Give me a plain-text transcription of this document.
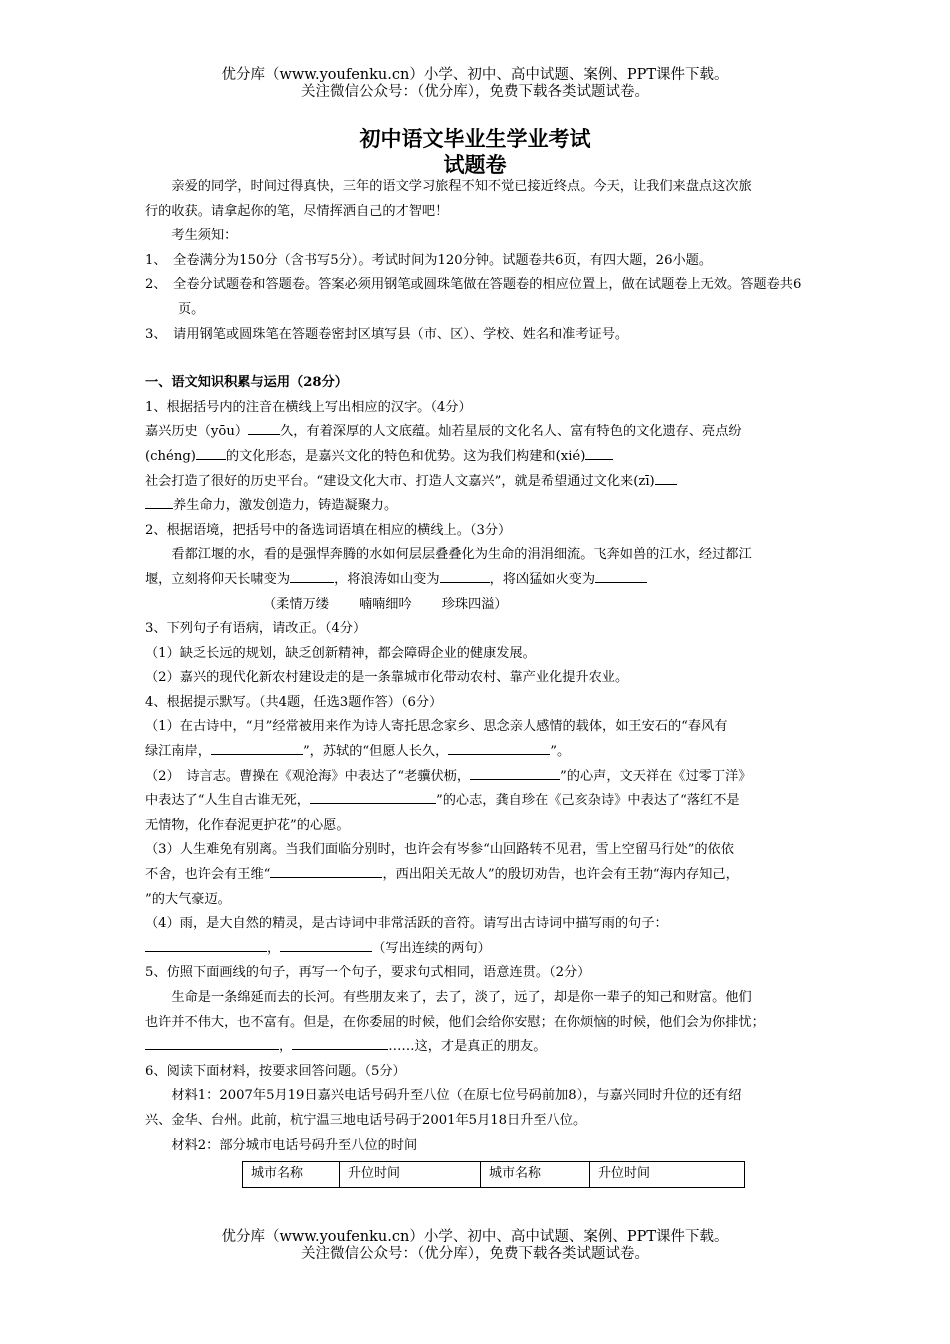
优分库（www.youfenku.cn）小学、初中、高中试题、案例、PPT课件下载。
关注微信公众号：（优分库），免费下载各类试题试卷。
初中语文毕业生学业考试
试题卷

亲爱的同学，时间过得真快，三年的语文学习旅程不知不觉已接近终点。今天，让我们来盘点这次旅

行的收获。请拿起你的笔，尽情挥洒自己的才智吧！

考生须知：

1、　全卷满分为150分（含书写5分）。考试时间为120分钟。试题卷共6页，有四大题，26小题。

2、　全卷分试题卷和答题卷。答案必须用钢笔或圆珠笔做在答题卷的相应位置上，做在试题卷上无效。答题卷共6页。

3、　请用钢笔或圆珠笔在答题卷密封区填写县（市、区）、学校、姓名和准考证号。

一、语文知识积累与运用（28分）

1、根据括号内的注音在横线上写出相应的汉字。（4分）

嘉兴历史（yōu） 久，有着深厚的人文底蕴。灿若星辰的文化名人、富有特色的文化遗存、亮点纷

(chéng) 的文化形态，是嘉兴文化的特色和优势。这为我们构建和(xié)

社会打造了很好的历史平台。“建设文化大市、打造人文嘉兴”，就是希望通过文化来(zī)

养生命力，激发创造力，铸造凝聚力。

2、根据语境，把括号中的备选词语填在相应的横线上。（3分）

看都江堰的水，看的是强悍奔腾的水如何层层叠叠化为生命的涓涓细流。飞奔如兽的江水，经过都江

堰，立刻将仰天长啸变为	，将浪涛如山变为	，将凶猛如火变为

（柔情万缕 喃喃细吟 珍珠四溢）

3、下列句子有语病，请改正。（4分）

（1）缺乏长远的规划，缺乏创新精神，都会障碍企业的健康发展。

（2）嘉兴的现代化新农村建设走的是一条靠城市化带动农村、靠产业化提升农业。

4、根据提示默写。（共4题，任选3题作答）（6分）

（1）在古诗中，“月”经常被用来作为诗人寄托思念家乡、思念亲人感情的载体，如王安石的“春风有

绿江南岸，	”，苏轼的“但愿人长久，	”。

（2）　诗言志。曹操在《观沧海》中表达了“老骥伏枥，	”的心声，文天祥在《过零丁洋》

中表达了“人生自古谁无死，	”的心志，龚自珍在《己亥杂诗》中表达了“落红不是

无情物，化作春泥更护花”的心愿。

（3）人生难免有别离。当我们面临分别时，也许会有岑参“山回路转不见君，雪上空留马行处”的依依

不舍，也许会有王维“	，西出阳关无故人”的殷切劝告，也许会有王勃“海内存知己，

”的大气豪迈。

（4）雨，是大自然的精灵，是古诗词中非常活跃的音符。请写出古诗词中描写雨的句子：

，	（写出连续的两句）

5、仿照下面画线的句子，再写一个句子，要求句式相同，语意连贯。（2分）

生命是一条绵延而去的长河。有些朋友来了，去了，淡了，远了，却是你一辈子的知己和财富。他们

也许并不伟大，也不富有。但是，在你委屈的时候，他们会给你安慰；在你烦恼的时候，他们会为你排忧；

，	……这，才是真正的朋友。

6、阅读下面材料，按要求回答问题。（5分）

材料1：2007年5月19日嘉兴电话号码升至八位（在原七位号码前加8），与嘉兴同时升位的还有绍

兴、金华、台州。此前，杭宁温三地电话号码于2001年5月18日升至八位。

材料2：部分城市电话号码升至八位的时间

城市名称	升位时间	城市名称	升位时间
优分库（www.youfenku.cn）小学、初中、高中试题、案例、PPT课件下载。
关注微信公众号：（优分库），免费下载各类试题试卷。
